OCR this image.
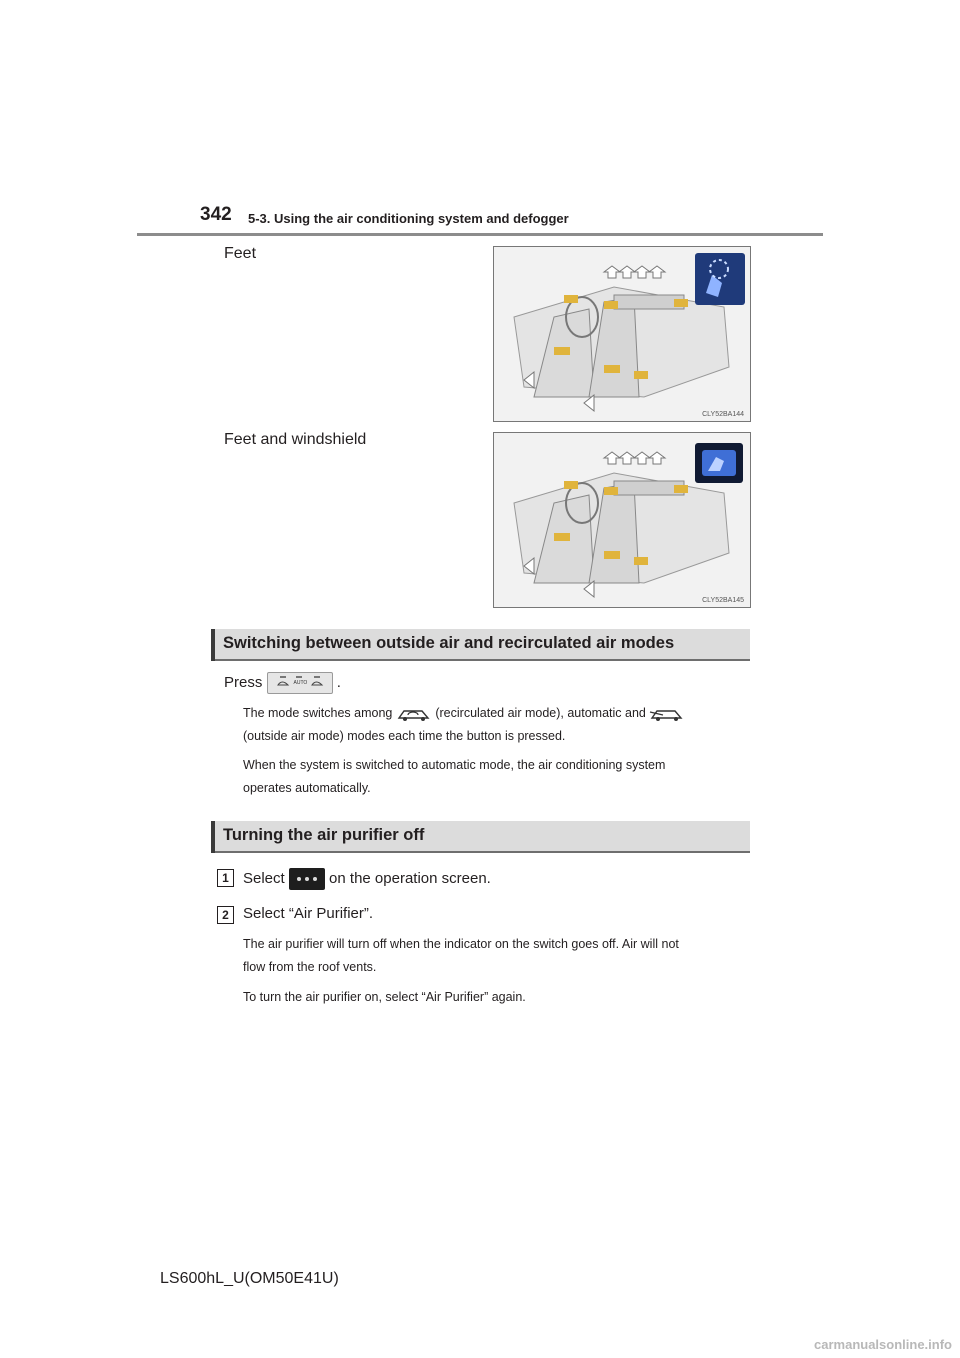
342 5-3. Using the air conditioning system and defogger
Feet
CLY52BA144
Feet and windshield
CLY52BA145
Switching between outside air and recirculated air modes
Press	AUTO .
The mode switches among	(recirculated air mode), automatic and
(outside air mode) modes each time the button is pressed.
When the system is switched to automatic mode, the air conditioning system
operates automatically.
Turning the air purifier off
1 Select	on the operation screen.
2 Select “Air Purifier”.
The air purifier will turn off when the indicator on the switch goes off. Air will not
flow from the roof vents.
To turn the air purifier on, select “Air Purifier” again.
LS600hL_U(OM50E41U)
carmanualsonline.info
